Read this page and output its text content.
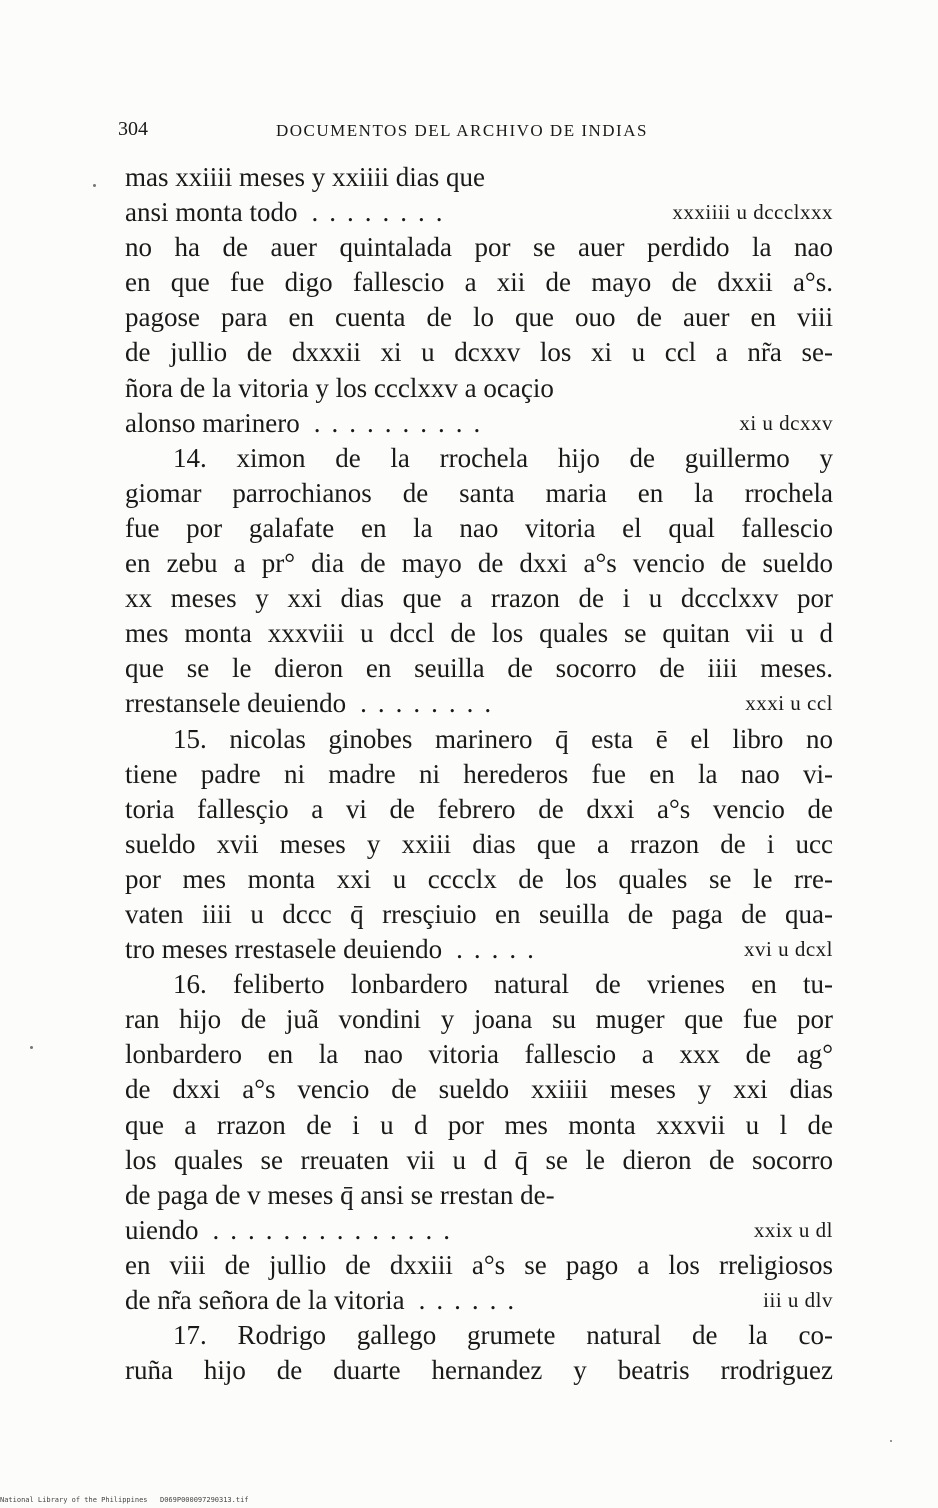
304	DOCUMENTOS DEL ARCHIVO DE INDIAS
mas xxiiii meses y xxiiii dias que
ansi monta todo ........	xxxiiii u dccclxxx
no ha de auer quintalada por se auer perdido la nao
en que fue digo fallescio a xii de mayo de dxxii a°s.
pagose para en cuenta de lo que ouo de auer en viii
de jullio de dxxxii xi u dcxxv los xi u ccl a nr̃a se-
ñora de la vitoria y los ccclxxv a ocaçio
alonso marinero ..........	xi u dcxxv
14. ximon de la rrochela hijo de guillermo y
giomar parrochianos de santa maria en la rrochela
fue por galafate en la nao vitoria el qual fallescio
en zebu a pr° dia de mayo de dxxi a°s vencio de sueldo
xx meses y xxi dias que a rrazon de i u dccclxxv por
mes monta xxxviii u dccl de los quales se quitan vii u d
que se le dieron en seuilla de socorro de iiii meses.
rrestansele deuiendo ........	xxxi u ccl
15. nicolas ginobes marinero q̄ esta ē el libro no
tiene padre ni madre ni herederos fue en la nao vi-
toria fallesçio a vi de febrero de dxxi a°s vencio de
sueldo xvii meses y xxiii dias que a rrazon de i ucc
por mes monta xxi u cccclx de los quales se le rre-
vaten iiii u dccc q̄ rresçiuio en seuilla de paga de qua-
tro meses rrestasele deuiendo .....	xvi u dcxl
16. feliberto lonbardero natural de vrienes en tu-
ran hijo de juã vondini y joana su muger que fue por
lonbardero en la nao vitoria fallescio a xxx de ag°
de dxxi a°s vencio de sueldo xxiiii meses y xxi dias
que a rrazon de i u d por mes monta xxxvii u l de
los quales se rreuaten vii u d q̄ se le dieron de socorro
de paga de v meses q̄ ansi se rrestan de-
uiendo ..............	xxix u dl
en viii de jullio de dxxiii a°s se pago a los rreligiosos
de nr̃a señora de la vitoria ......	iii u dlv
17. Rodrigo gallego grumete natural de la co-
ruña hijo de duarte hernandez y beatris rrodriguez
National Library of the Philippines D069P000097290313.tif
